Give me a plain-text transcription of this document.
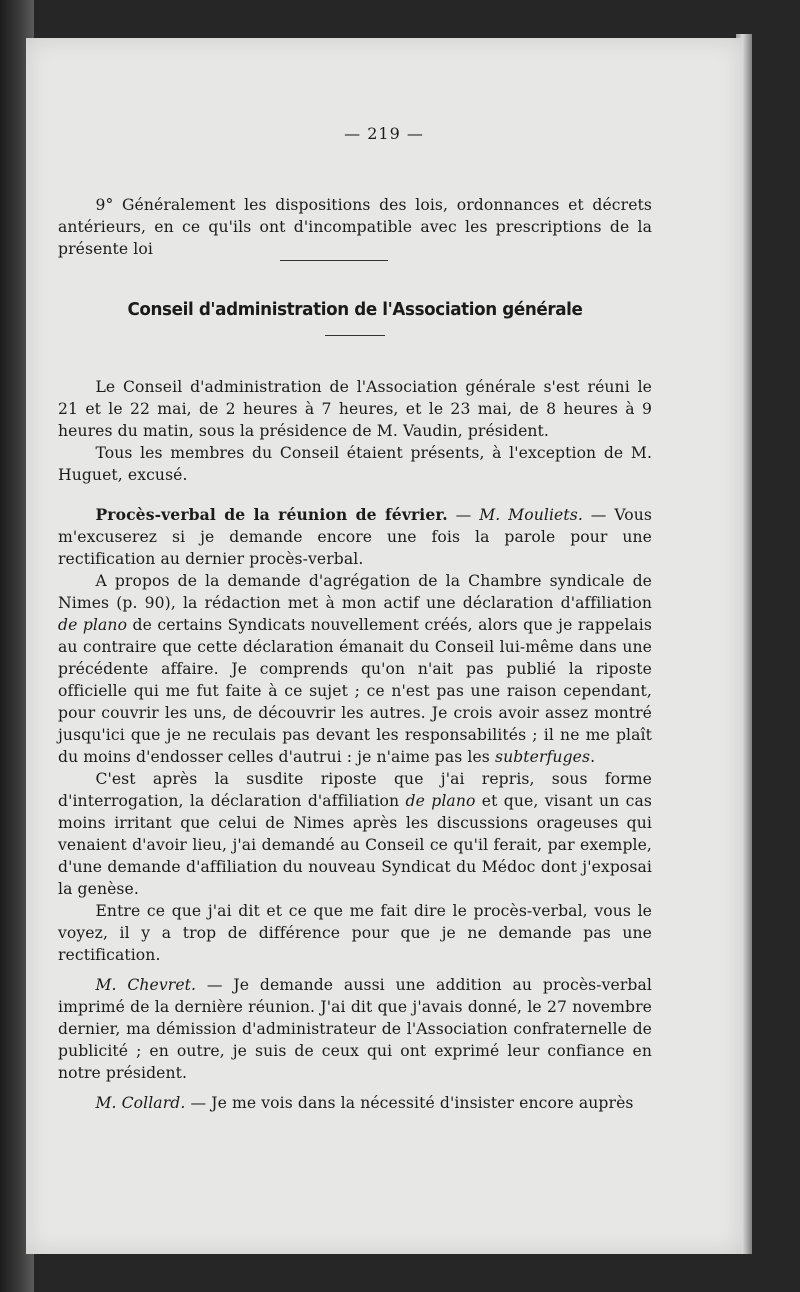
— 219 —

9° Généralement les dispositions des lois, ordonnances et décrets antérieurs, en ce qu'ils ont d'incompatible avec les prescriptions de la présente loi

Conseil d'administration de l'Association générale

Le Conseil d'administration de l'Association générale s'est réuni le 21 et le 22 mai, de 2 heures à 7 heures, et le 23 mai, de 8 heures à 9 heures du matin, sous la présidence de M. Vaudin, président.

Tous les membres du Conseil étaient présents, à l'exception de M. Huguet, excusé.

Procès-verbal de la réunion de février. — M. Mouliets. — Vous m'excuserez si je demande encore une fois la parole pour une rectification au dernier procès-verbal.

A propos de la demande d'agrégation de la Chambre syndicale de Nimes (p. 90), la rédaction met à mon actif une déclaration d'affiliation de plano de certains Syndicats nouvellement créés, alors que je rappelais au contraire que cette déclaration émanait du Conseil lui-même dans une précédente affaire. Je comprends qu'on n'ait pas publié la riposte officielle qui me fut faite à ce sujet ; ce n'est pas une raison cependant, pour couvrir les uns, de découvrir les autres. Je crois avoir assez montré jusqu'ici que je ne reculais pas devant les responsabilités ; il ne me plaît du moins d'endosser celles d'autrui : je n'aime pas les subterfuges.

C'est après la susdite riposte que j'ai repris, sous forme d'interrogation, la déclaration d'affiliation de plano et que, visant un cas moins irritant que celui de Nimes après les discussions orageuses qui venaient d'avoir lieu, j'ai demandé au Conseil ce qu'il ferait, par exemple, d'une demande d'affiliation du nouveau Syndicat du Médoc dont j'exposai la genèse.

Entre ce que j'ai dit et ce que me fait dire le procès-verbal, vous le voyez, il y a trop de différence pour que je ne demande pas une rectification.

M. Chevret. — Je demande aussi une addition au procès-verbal imprimé de la dernière réunion. J'ai dit que j'avais donné, le 27 novembre dernier, ma démission d'administrateur de l'Association confraternelle de publicité ; en outre, je suis de ceux qui ont exprimé leur confiance en notre président.

M. Collard. — Je me vois dans la nécessité d'insister encore auprès
